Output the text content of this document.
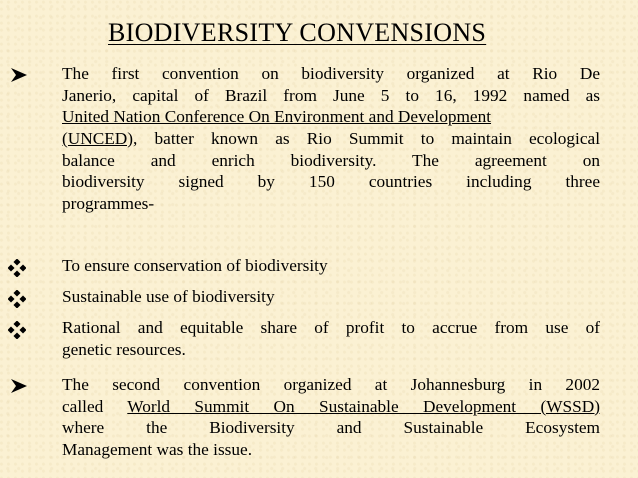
BIODIVERSITY CONVENSIONS
The first convention on biodiversity organized at Rio De
Janerio, capital of Brazil from June 5 to 16, 1992 named as
United Nation Conference On Environment and Development
(UNCED), batter known as Rio Summit to maintain ecological
balance and enrich biodiversity. The agreement on
biodiversity signed by 150 countries including three
programmes-
To ensure conservation of biodiversity
Sustainable use of biodiversity
Rational and equitable share of profit to accrue from use of
genetic resources.
The second convention organized at Johannesburg in 2002
called World Summit On Sustainable Development (WSSD)
where the Biodiversity and Sustainable Ecosystem
Management was the issue.
